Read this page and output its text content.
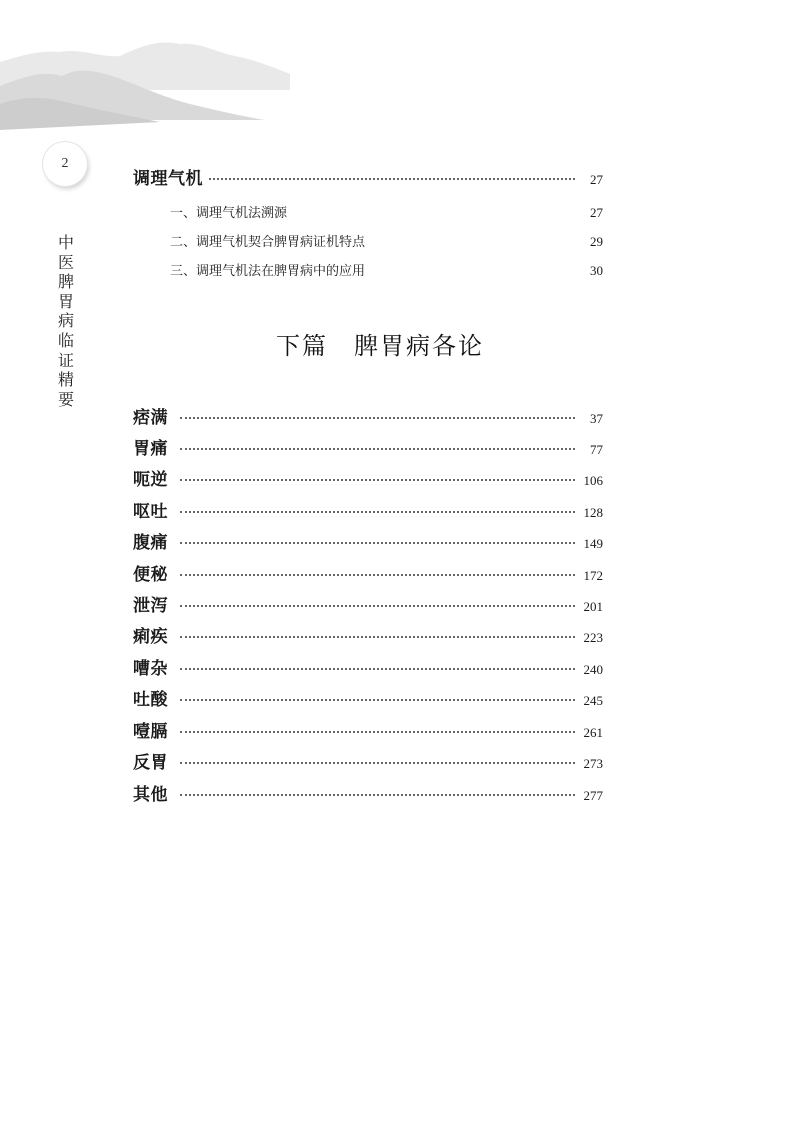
2
中医脾胃病临证精要
调理气机	27
一、调理气机法溯源	27
二、调理气机契合脾胃病证机特点	29
三、调理气机法在脾胃病中的应用	30
下篇　脾胃病各论
痞满	37
胃痛	77
呃逆	106
呕吐	128
腹痛	149
便秘	172
泄泻	201
痢疾	223
嘈杂	240
吐酸	245
噎膈	261
反胃	273
其他	277
